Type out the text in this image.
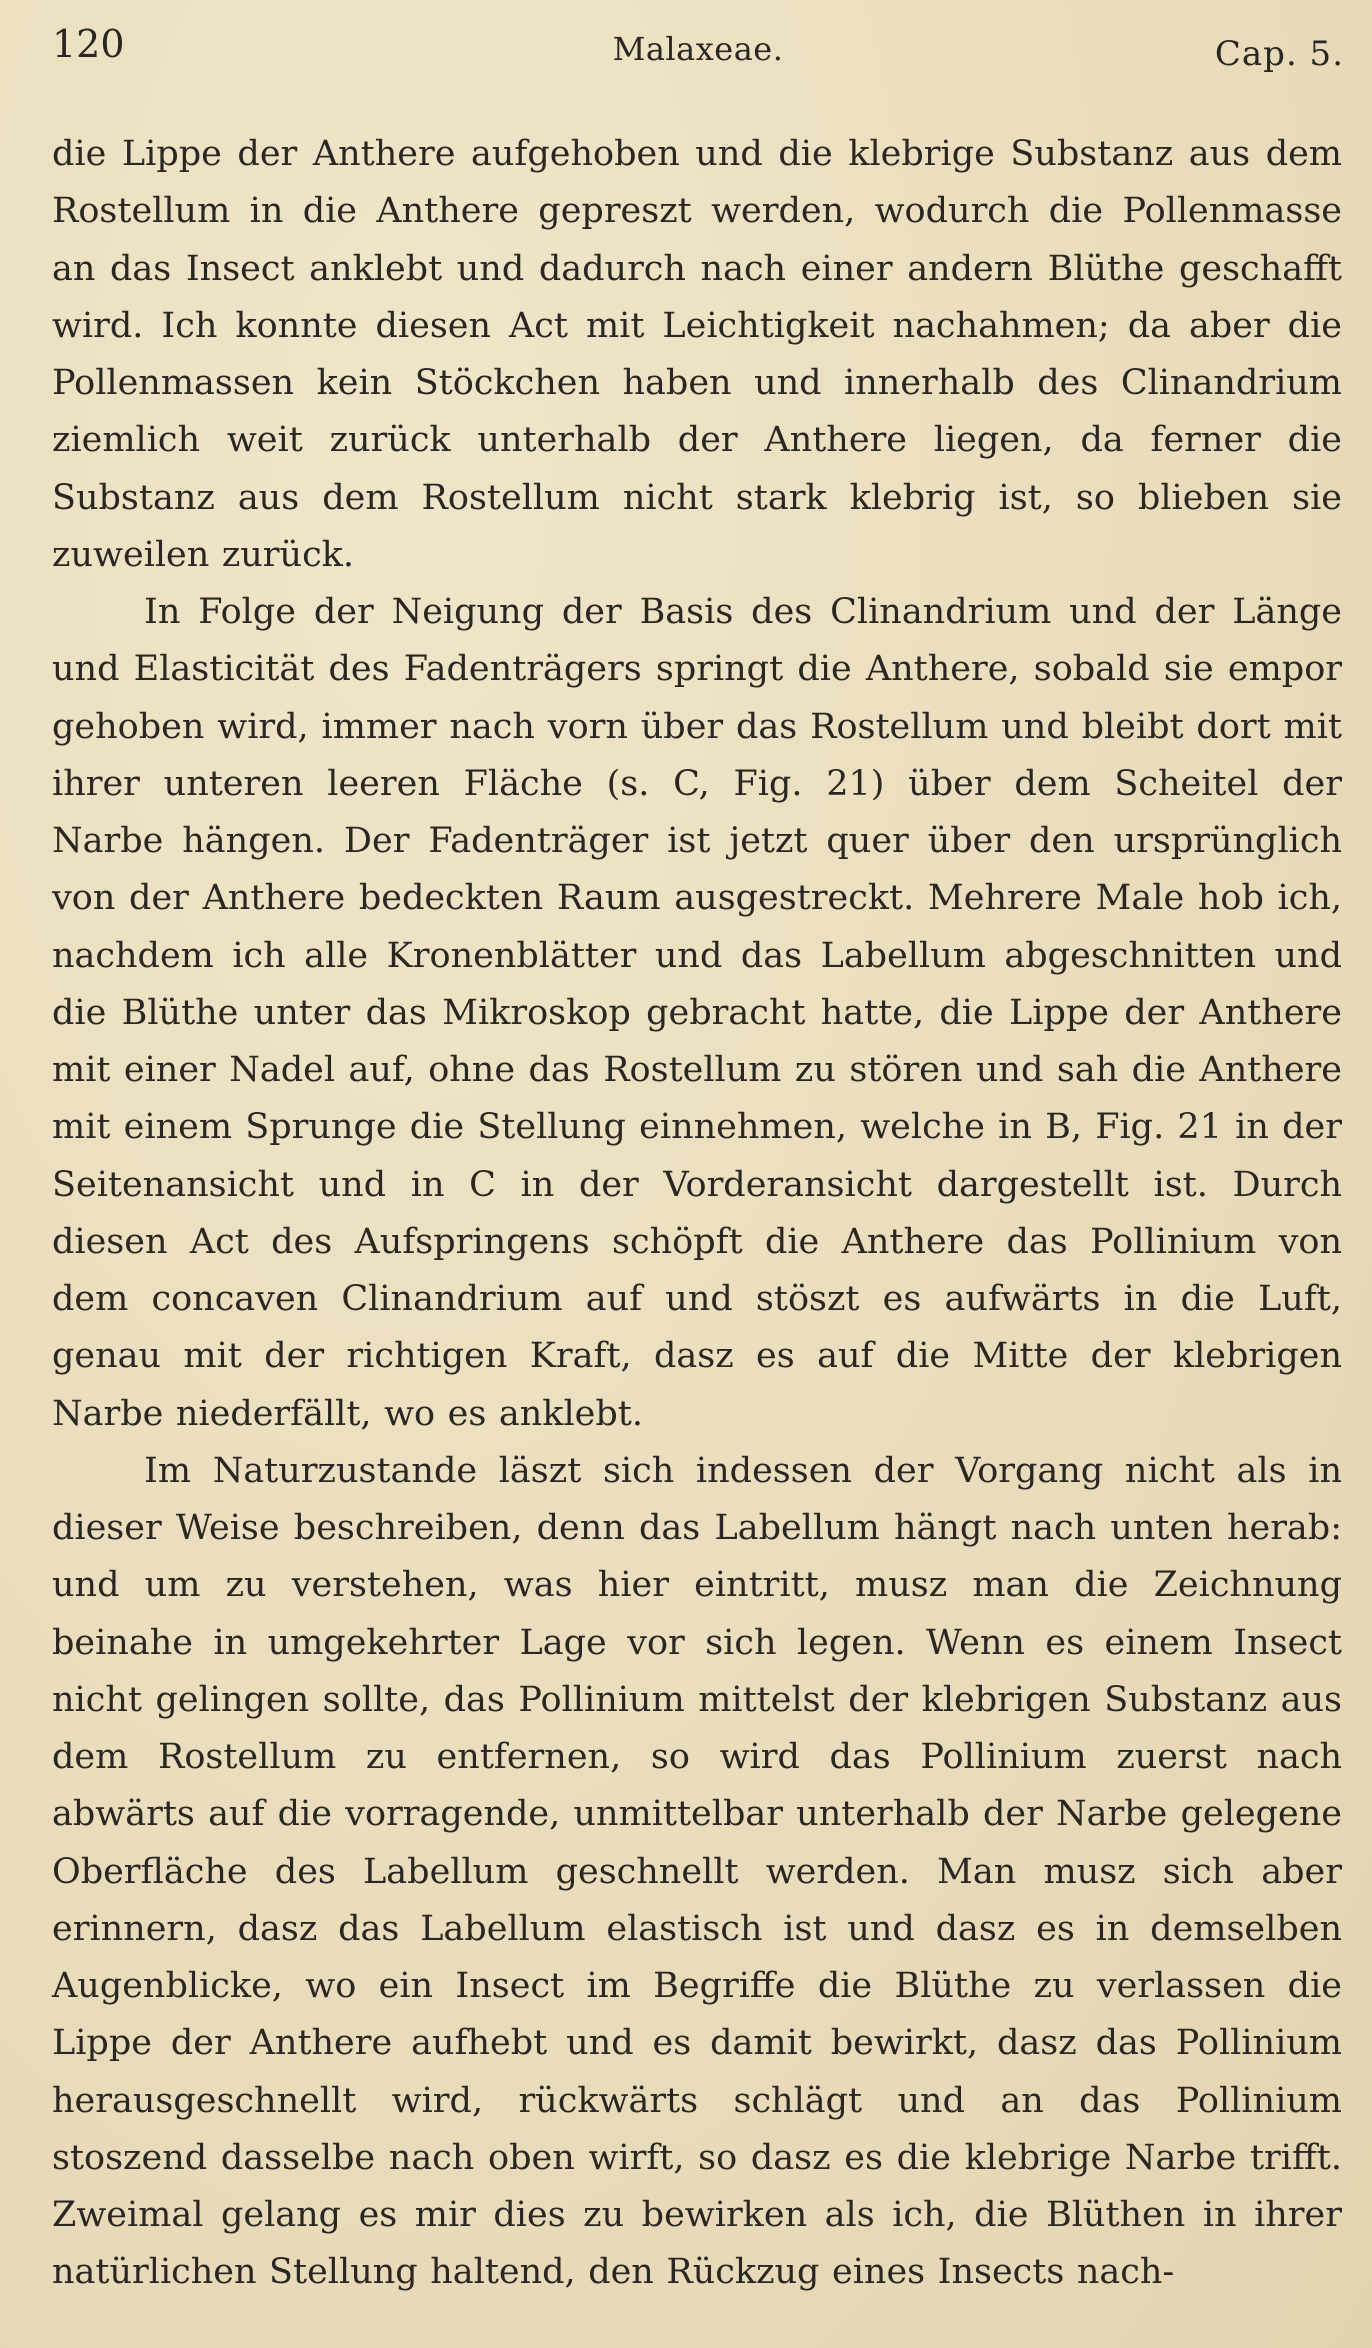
120	Malaxeae.	Cap. 5.

die Lippe der Anthere aufgehoben und die klebrige Substanz aus dem Rostellum in die Anthere gepreszt werden, wodurch die Pollenmasse an das Insect anklebt und dadurch nach einer andern Blüthe geschafft wird. Ich konnte diesen Act mit Leichtigkeit nachahmen; da aber die Pollenmassen kein Stöckchen haben und innerhalb des Clinandrium ziemlich weit zurück unterhalb der Anthere liegen, da ferner die Substanz aus dem Rostellum nicht stark klebrig ist, so blieben sie zuweilen zurück.

In Folge der Neigung der Basis des Clinandrium und der Länge und Elasticität des Fadenträgers springt die Anthere, sobald sie empor gehoben wird, immer nach vorn über das Rostellum und bleibt dort mit ihrer unteren leeren Fläche (s. C, Fig. 21) über dem Scheitel der Narbe hängen. Der Fadenträger ist jetzt quer über den ursprünglich von der Anthere bedeckten Raum ausgestreckt. Mehrere Male hob ich, nachdem ich alle Kronenblätter und das Labellum abgeschnitten und die Blüthe unter das Mikroskop gebracht hatte, die Lippe der Anthere mit einer Nadel auf, ohne das Rostellum zu stören und sah die Anthere mit einem Sprunge die Stellung einnehmen, welche in B, Fig. 21 in der Seitenansicht und in C in der Vorderansicht dargestellt ist. Durch diesen Act des Aufspringens schöpft die Anthere das Pollinium von dem concaven Clinandrium auf und stöszt es aufwärts in die Luft, genau mit der richtigen Kraft, dasz es auf die Mitte der klebrigen Narbe niederfällt, wo es anklebt.

Im Naturzustande läszt sich indessen der Vorgang nicht als in dieser Weise beschreiben, denn das Labellum hängt nach unten herab: und um zu verstehen, was hier eintritt, musz man die Zeichnung beinahe in umgekehrter Lage vor sich legen. Wenn es einem Insect nicht gelingen sollte, das Pollinium mittelst der klebrigen Substanz aus dem Rostellum zu entfernen, so wird das Pollinium zuerst nach abwärts auf die vorragende, unmittelbar unterhalb der Narbe gelegene Oberfläche des Labellum geschnellt werden. Man musz sich aber erinnern, dasz das Labellum elastisch ist und dasz es in demselben Augenblicke, wo ein Insect im Begriffe die Blüthe zu verlassen die Lippe der Anthere aufhebt und es damit bewirkt, dasz das Pollinium herausgeschnellt wird, rückwärts schlägt und an das Pollinium stoszend dasselbe nach oben wirft, so dasz es die klebrige Narbe trifft. Zweimal gelang es mir dies zu bewirken als ich, die Blüthen in ihrer natürlichen Stellung haltend, den Rückzug eines Insects nach-
